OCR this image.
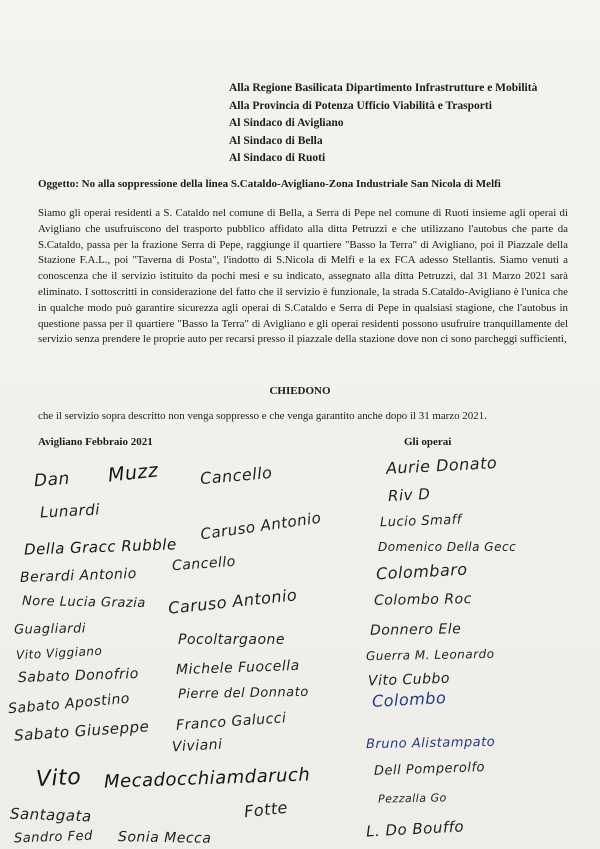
Alla Regione Basilicata Dipartimento Infrastrutture e Mobilità
Alla Provincia di Potenza Ufficio Viabilità e Trasporti
Al Sindaco di Avigliano
Al Sindaco di Bella
Al Sindaco di Ruoti
Oggetto: No alla soppressione della linea S.Cataldo-Avigliano-Zona Industriale San Nicola di Melfi
Siamo gli operai residenti a S. Cataldo nel comune di Bella, a Serra di Pepe nel comune di Ruoti insieme agli operai di Avigliano che usufruiscono del trasporto pubblico affidato alla ditta Petruzzi e che utilizzano l'autobus che parte da S.Cataldo, passa per la frazione Serra di Pepe, raggiunge il quartiere "Basso la Terra" di Avigliano, poi il Piazzale della Stazione F.A.L., poi "Taverna di Posta", l'indotto di S.Nicola di Melfi e la ex FCA adesso Stellantis. Siamo venuti a conoscenza che il servizio istituito da pochi mesi e su indicato, assegnato alla ditta Petruzzi, dal 31 Marzo 2021 sarà eliminato. I sottoscritti in considerazione del fatto che il servizio è funzionale, la strada S.Cataldo-Avigliano è l'unica che in qualche modo può garantire sicurezza agli operai di S.Cataldo e Serra di Pepe in qualsiasi stagione, che l'autobus in questione passa per il quartiere "Basso la Terra" di Avigliano e gli operai residenti possono usufruire tranquillamente del servizio senza prendere le proprie auto per recarsi presso il piazzale della stazione dove non ci sono parcheggi sufficienti,
CHIEDONO
che il servizio sopra descritto non venga soppresso e che venga garantito anche dopo il 31 marzo 2021.
Avigliano Febbraio 2021	Gli operai
Dan Muzz
Lunardi
Della Gracc Rubble
Berardi Antonio
Nore Lucia Grazia
Guagliardi
Vito Viggiano
Sabato Donofrio
Sabato Apostino
Sabato Giuseppe
Vito
Santagata
Sandro Fed
Cancello
Caruso Antonio
Pocoltargaone
Michele Fuocella
Pierre del Donnato
Franco Galucci
Viviani
Mecadocchiamdaruch
Fotte
Sonia Mecca
Cancello
Caruso Antonio
Aurie Donato
Riv D
Lucio Smaff
Domenico Della Gecc
Colombaro
Colombo Roc
Donnero Ele
Guerra M. Leonardo
Vito Cubbo
Colombo
Bruno Alistampato
Dell Pomperolfo
Pezzalla Go
L. Do Bouffo
